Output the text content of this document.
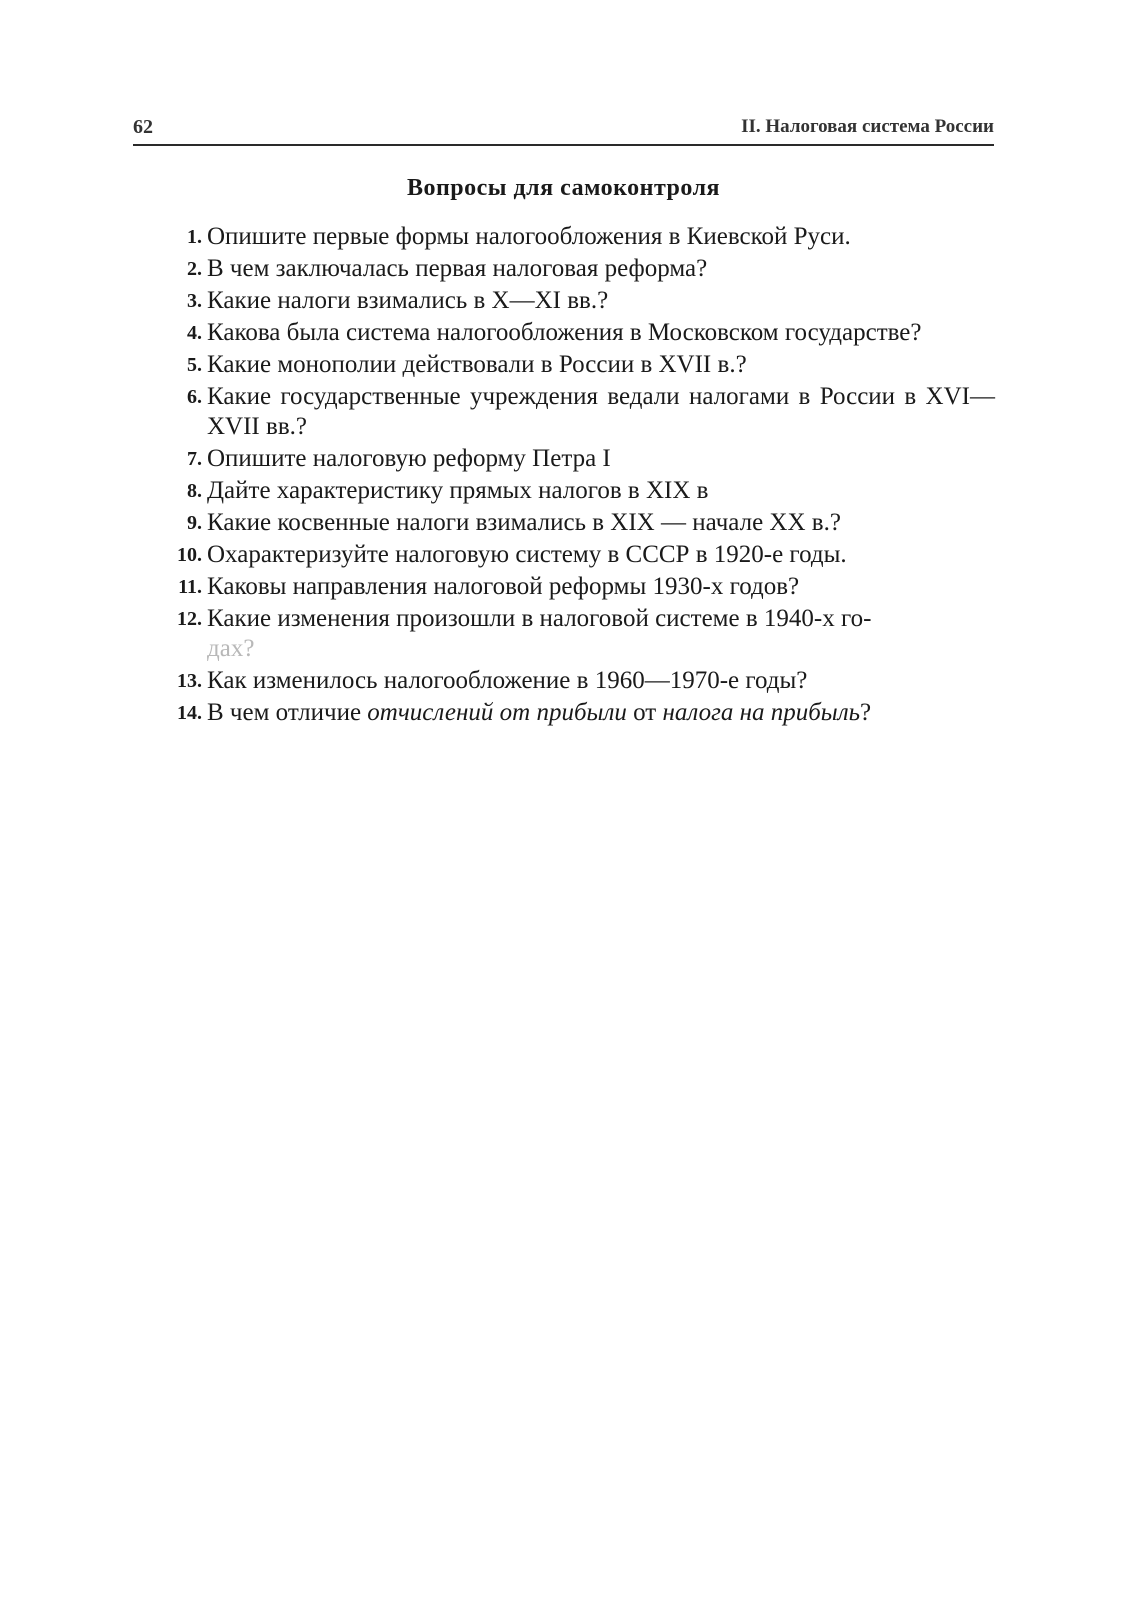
62	II. Налоговая система России
Вопросы для самоконтроля
1. Опишите первые формы налогообложения в Киевской Руси.
2. В чем заключалась первая налоговая реформа?
3. Какие налоги взимались в X—XI вв.?
4. Какова была система налогообложения в Московском государстве?
5. Какие монополии действовали в России в XVII в.?
6. Какие государственные учреждения ведали налогами в России в XVI—XVII вв.?
7. Опишите налоговую реформу Петра I
8. Дайте характеристику прямых налогов в XIX в
9. Какие косвенные налоги взимались в XIX — начале XX в.?
10. Охарактеризуйте налоговую систему в СССР в 1920-е годы.
11. Каковы направления налоговой реформы 1930-х годов?
12. Какие изменения произошли в налоговой системе в 1940-х го-
дах?
13. Как изменилось налогообложение в 1960—1970-е годы?
14. В чем отличие отчислений от прибыли от налога на прибыль?
